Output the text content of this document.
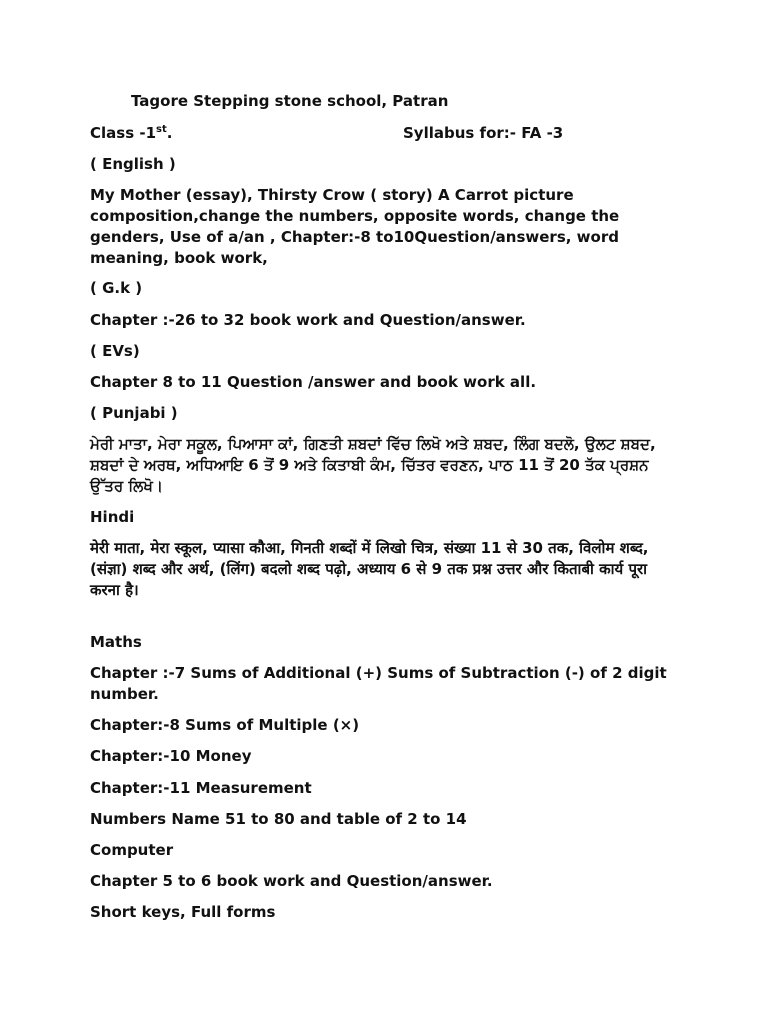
Tagore Stepping stone school, Patran
Class -1st.	Syllabus for:- FA -3
( English )
My Mother (essay), Thirsty Crow ( story) A Carrot picture composition,change the numbers, opposite words, change the genders, Use of a/an , Chapter:-8 to10Question/answers, word meaning, book work,
( G.k )
Chapter :-26 to 32 book work and Question/answer.
( EVs)
Chapter 8 to 11 Question /answer and book work all.
( Punjabi )
ਮੇਰੀ ਮਾਤਾ, ਮੇਰਾ ਸਕੂਲ, ਪਿਆਸਾ ਕਾਂ, ਗਿਣਤੀ ਸ਼ਬਦਾਂ ਵਿੱਚ ਲਿਖੋ ਅਤੇ ਸ਼ਬਦ, ਲਿੰਗ ਬਦਲੋ, ਉਲਟ ਸ਼ਬਦ, ਸ਼ਬਦਾਂ ਦੇ ਅਰਥ, ਅਧਿਆਇ 6 ਤੋਂ 9 ਅਤੇ ਕਿਤਾਬੀ ਕੰਮ, ਚਿੱਤਰ ਵਰਣਨ, ਪਾਠ 11 ਤੋਂ 20 ਤੱਕ ਪ੍ਰਸ਼ਨ ਉੱਤਰ ਲਿਖੋ।
Hindi
मेरी माता, मेरा स्कूल, प्यासा कौआ, गिनती शब्दों में लिखो चित्र, संख्या 11 से 30 तक, विलोम शब्द, (संज्ञा) शब्द और अर्थ, (लिंग) बदलो शब्द पढ़ो, अध्याय 6 से 9 तक प्रश्न उत्तर और किताबी कार्य पूरा करना है।
Maths
Chapter :-7 Sums of Additional (+) Sums of Subtraction (-) of 2 digit number.
Chapter:-8 Sums of Multiple (×)
Chapter:-10 Money
Chapter:-11 Measurement
Numbers Name 51 to 80 and table of 2 to 14
Computer
Chapter 5 to 6 book work and Question/answer.
Short keys, Full forms
